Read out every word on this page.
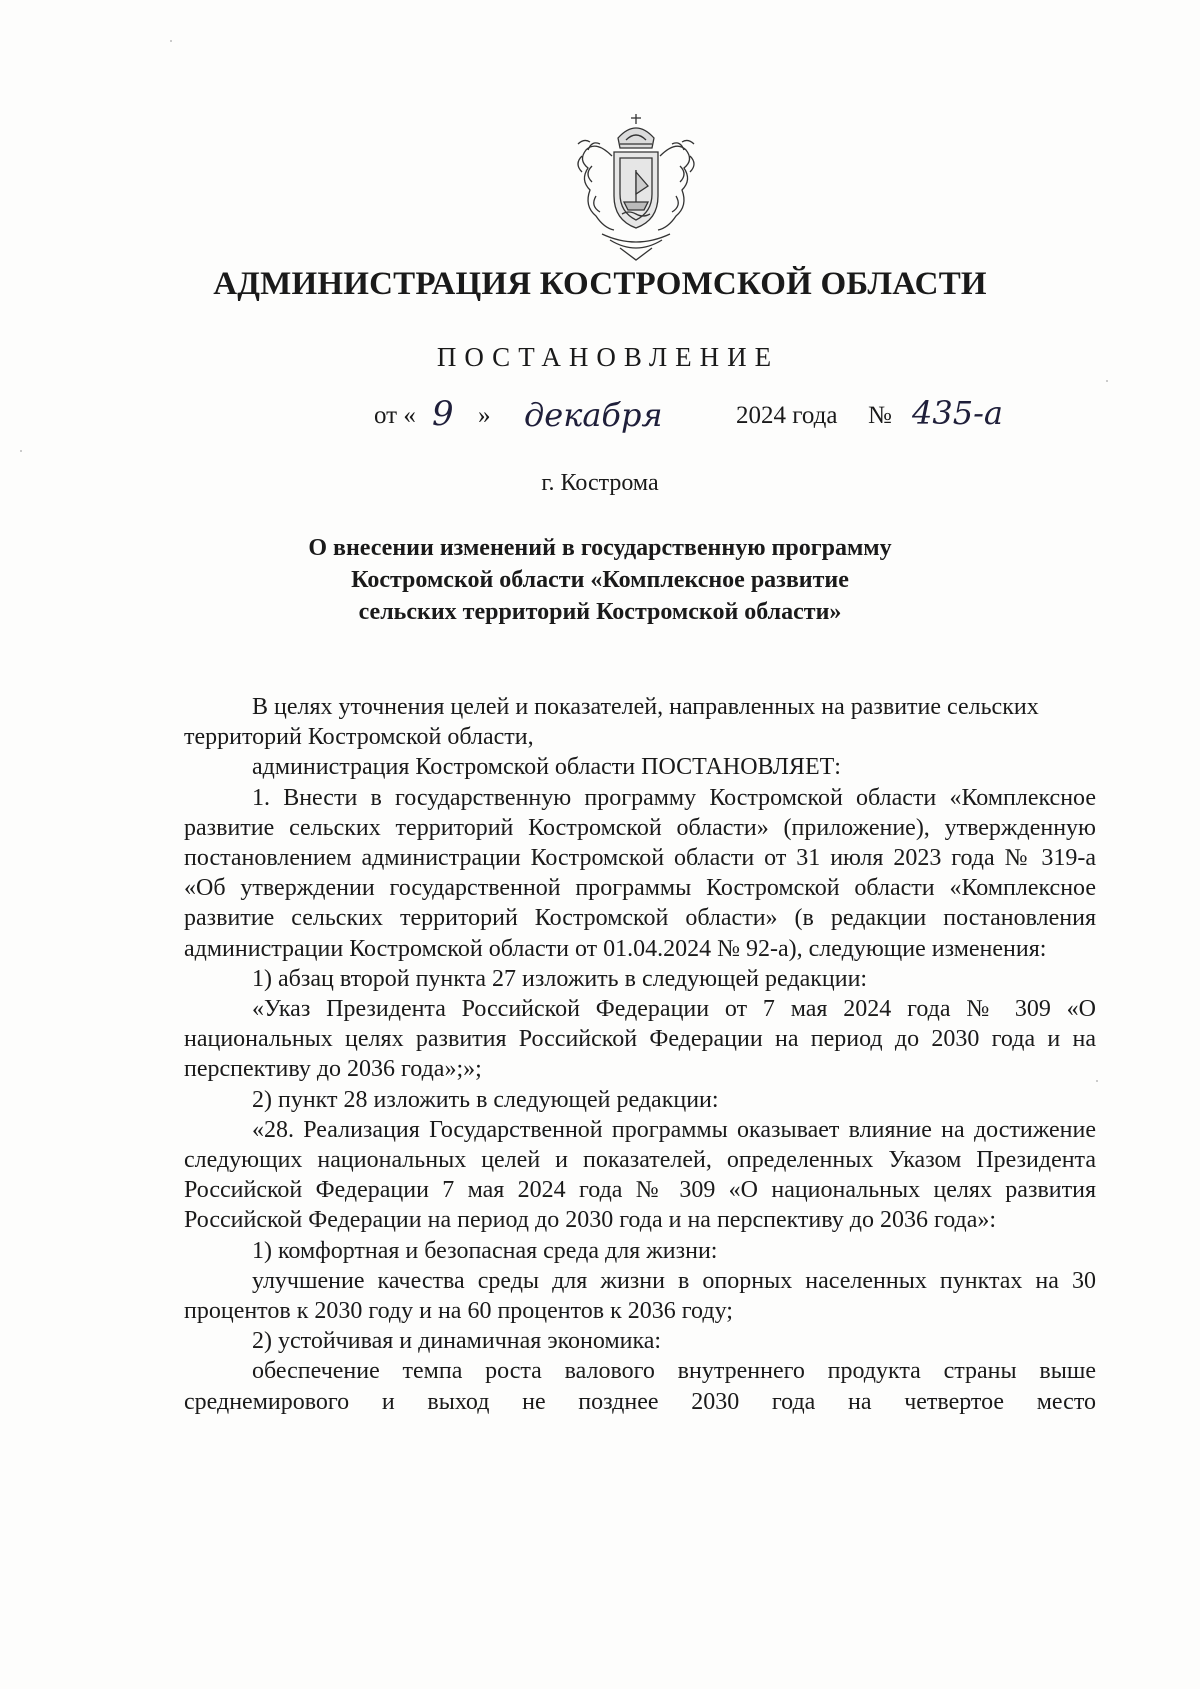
АДМИНИСТРАЦИЯ КОСТРОМСКОЙ ОБЛАСТИ
ПОСТАНОВЛЕНИЕ
от « 9 » декабря	2024 года № 435-а
г. Кострома
О внесении изменений в государственную программу
Костромской области «Комплексное развитие
сельских территорий Костромской области»

В целях уточнения целей и показателей, направленных на развитие сельских территорий Костромской области,

администрация Костромской области ПОСТАНОВЛЯЕТ:

1. Внести в государственную программу Костромской области «Комплексное развитие сельских территорий Костромской области» (приложение), утвержденную постановлением администрации Костромской области от 31 июля 2023 года № 319-а «Об утверждении государственной программы Костромской области «Комплексное развитие сельских территорий Костромской области» (в редакции постановления администрации Костромской области от 01.04.2024 № 92-а), следующие изменения:

1) абзац второй пункта 27 изложить в следующей редакции:

«Указ Президента Российской Федерации от 7 мая 2024 года № 309 «О национальных целях развития Российской Федерации на период до 2030 года и на перспективу до 2036 года»;»;

2) пункт 28 изложить в следующей редакции:

«28. Реализация Государственной программы оказывает влияние на достижение следующих национальных целей и показателей, определенных Указом Президента Российской Федерации 7 мая 2024 года № 309 «О национальных целях развития Российской Федерации на период до 2030 года и на перспективу до 2036 года»:

1) комфортная и безопасная среда для жизни:

улучшение качества среды для жизни в опорных населенных пунктах на 30 процентов к 2030 году и на 60 процентов к 2036 году;

2) устойчивая и динамичная экономика:

обеспечение темпа роста валового внутреннего продукта страны выше среднемирового и выход не позднее 2030 года на четвертое место
